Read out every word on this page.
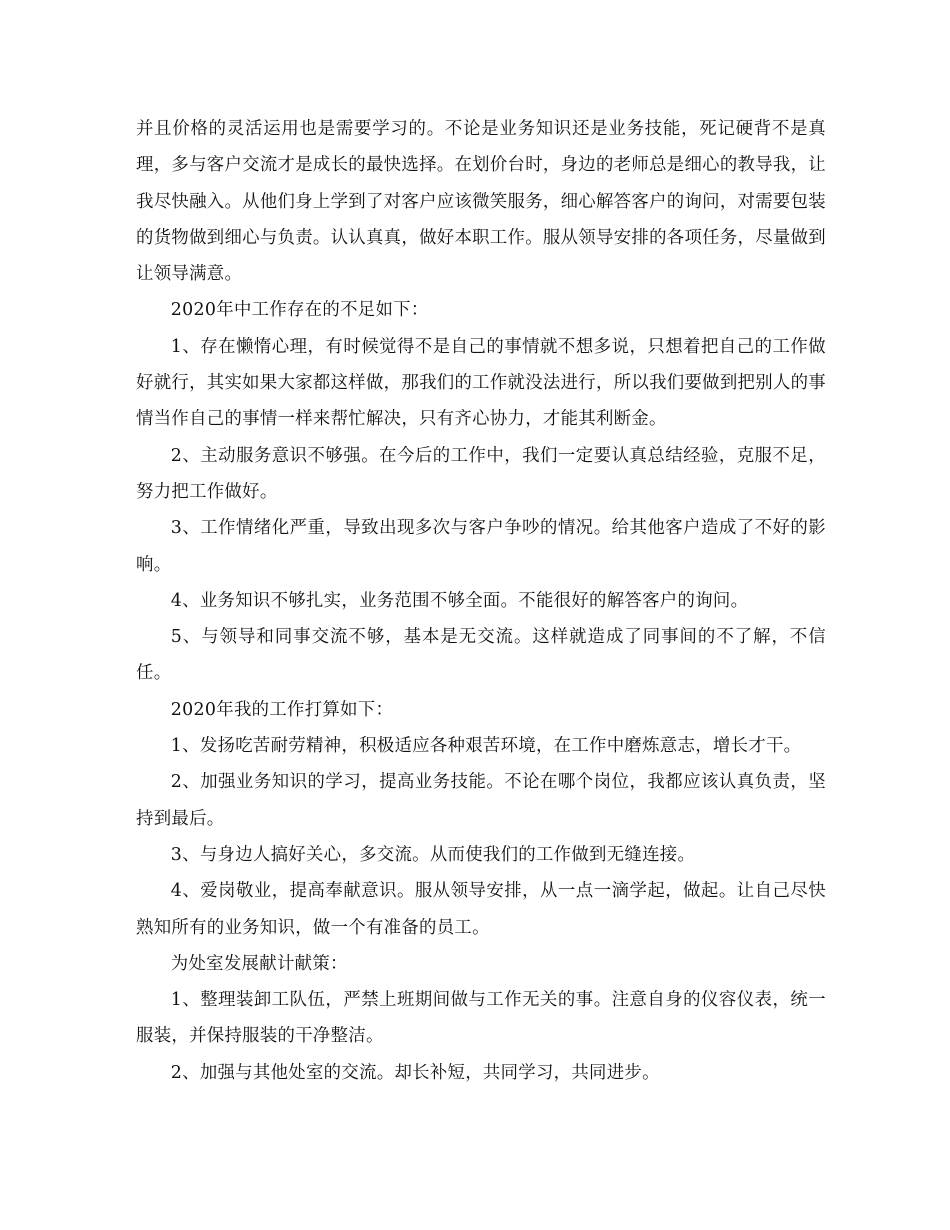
并且价格的灵活运用也是需要学习的。不论是业务知识还是业务技能，死记硬背不是真理，多与客户交流才是成长的最快选择。在划价台时，身边的老师总是细心的教导我，让我尽快融入。从他们身上学到了对客户应该微笑服务，细心解答客户的询问，对需要包装的货物做到细心与负责。认认真真，做好本职工作。服从领导安排的各项任务，尽量做到让领导满意。

2020年中工作存在的不足如下：

1、存在懒惰心理，有时候觉得不是自己的事情就不想多说，只想着把自己的工作做好就行，其实如果大家都这样做，那我们的工作就没法进行，所以我们要做到把别人的事情当作自己的事情一样来帮忙解决，只有齐心协力，才能其利断金。

2、主动服务意识不够强。在今后的工作中，我们一定要认真总结经验，克服不足，努力把工作做好。

3、工作情绪化严重，导致出现多次与客户争吵的情况。给其他客户造成了不好的影响。

4、业务知识不够扎实，业务范围不够全面。不能很好的解答客户的询问。

5、与领导和同事交流不够，基本是无交流。这样就造成了同事间的不了解，不信任。

2020年我的工作打算如下：

1、发扬吃苦耐劳精神，积极适应各种艰苦环境，在工作中磨炼意志，增长才干。

2、加强业务知识的学习，提高业务技能。不论在哪个岗位，我都应该认真负责，坚持到最后。

3、与身边人搞好关心，多交流。从而使我们的工作做到无缝连接。

4、爱岗敬业，提高奉献意识。服从领导安排，从一点一滴学起，做起。让自己尽快熟知所有的业务知识，做一个有准备的员工。

为处室发展献计献策：

1、整理装卸工队伍，严禁上班期间做与工作无关的事。注意自身的仪容仪表，统一服装，并保持服装的干净整洁。

2、加强与其他处室的交流。却长补短，共同学习，共同进步。
